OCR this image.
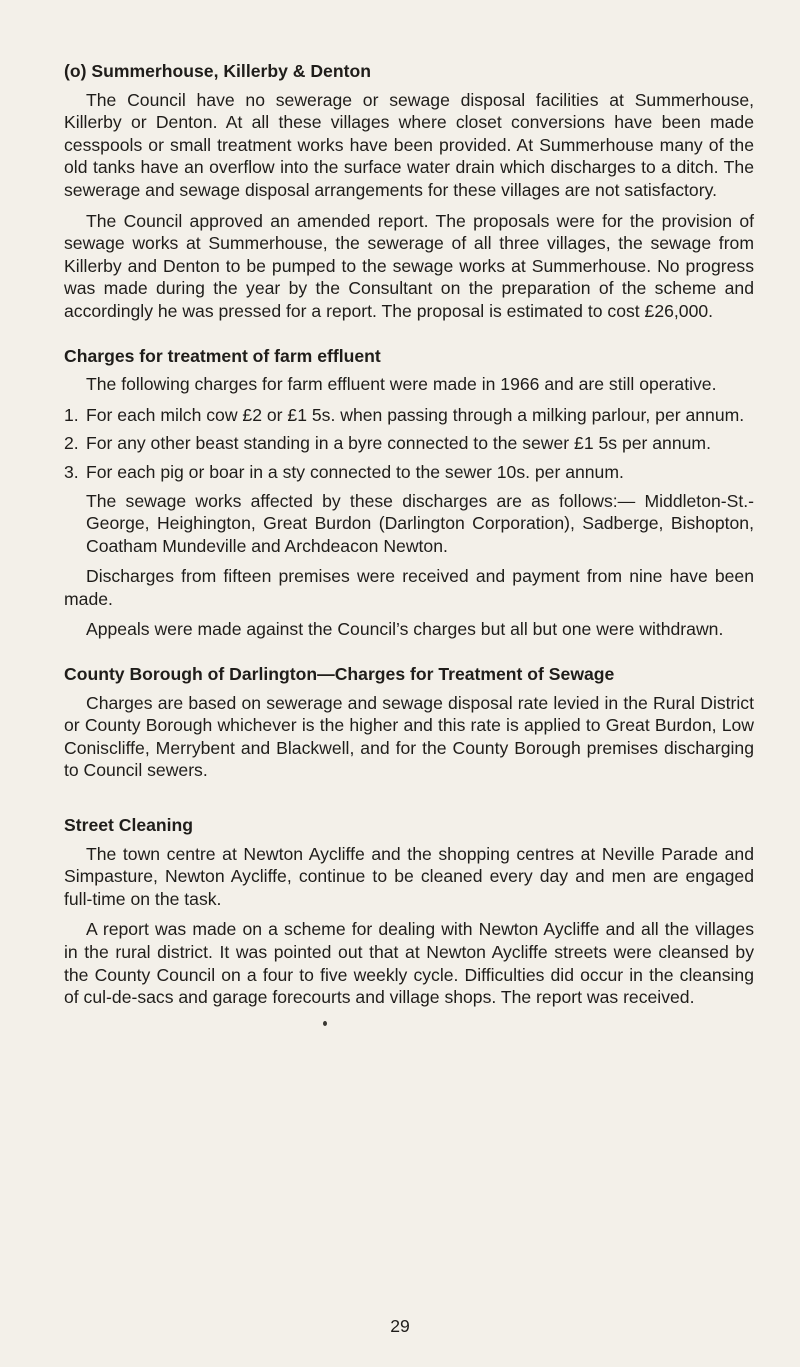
(o) Summerhouse, Killerby & Denton

The Council have no sewerage or sewage disposal facilities at Summerhouse, Killerby or Denton. At all these villages where closet conversions have been made cesspools or small treatment works have been provided. At Summerhouse many of the old tanks have an overflow into the surface water drain which discharges to a ditch. The sewerage and sewage disposal arrangements for these villages are not satisfactory.

The Council approved an amended report. The proposals were for the provision of sewage works at Summerhouse, the sewerage of all three villages, the sewage from Killerby and Denton to be pumped to the sewage works at Summerhouse. No progress was made during the year by the Consultant on the preparation of the scheme and accordingly he was pressed for a report. The proposal is estimated to cost £26,000.

Charges for treatment of farm effluent

The following charges for farm effluent were made in 1966 and are still operative.

1. For each milch cow £2 or £1 5s. when passing through a milking parlour, per annum.
2. For any other beast standing in a byre connected to the sewer £1 5s per annum.
3. For each pig or boar in a sty connected to the sewer 10s. per annum.

The sewage works affected by these discharges are as follows:— Middleton-St.-George, Heighington, Great Burdon (Darlington Corporation), Sadberge, Bishopton, Coatham Mundeville and Archdeacon Newton.

Discharges from fifteen premises were received and payment from nine have been made.

Appeals were made against the Council’s charges but all but one were withdrawn.

County Borough of Darlington—Charges for Treatment of Sewage

Charges are based on sewerage and sewage disposal rate levied in the Rural District or County Borough whichever is the higher and this rate is applied to Great Burdon, Low Coniscliffe, Merrybent and Blackwell, and for the County Borough premises discharging to Council sewers.

Street Cleaning

The town centre at Newton Aycliffe and the shopping centres at Neville Parade and Simpasture, Newton Aycliffe, continue to be cleaned every day and men are engaged full-time on the task.

A report was made on a scheme for dealing with Newton Aycliffe and all the villages in the rural district. It was pointed out that at Newton Aycliffe streets were cleansed by the County Council on a four to five weekly cycle. Difficulties did occur in the cleansing of cul-de-sacs and garage forecourts and village shops. The report was received.

29
